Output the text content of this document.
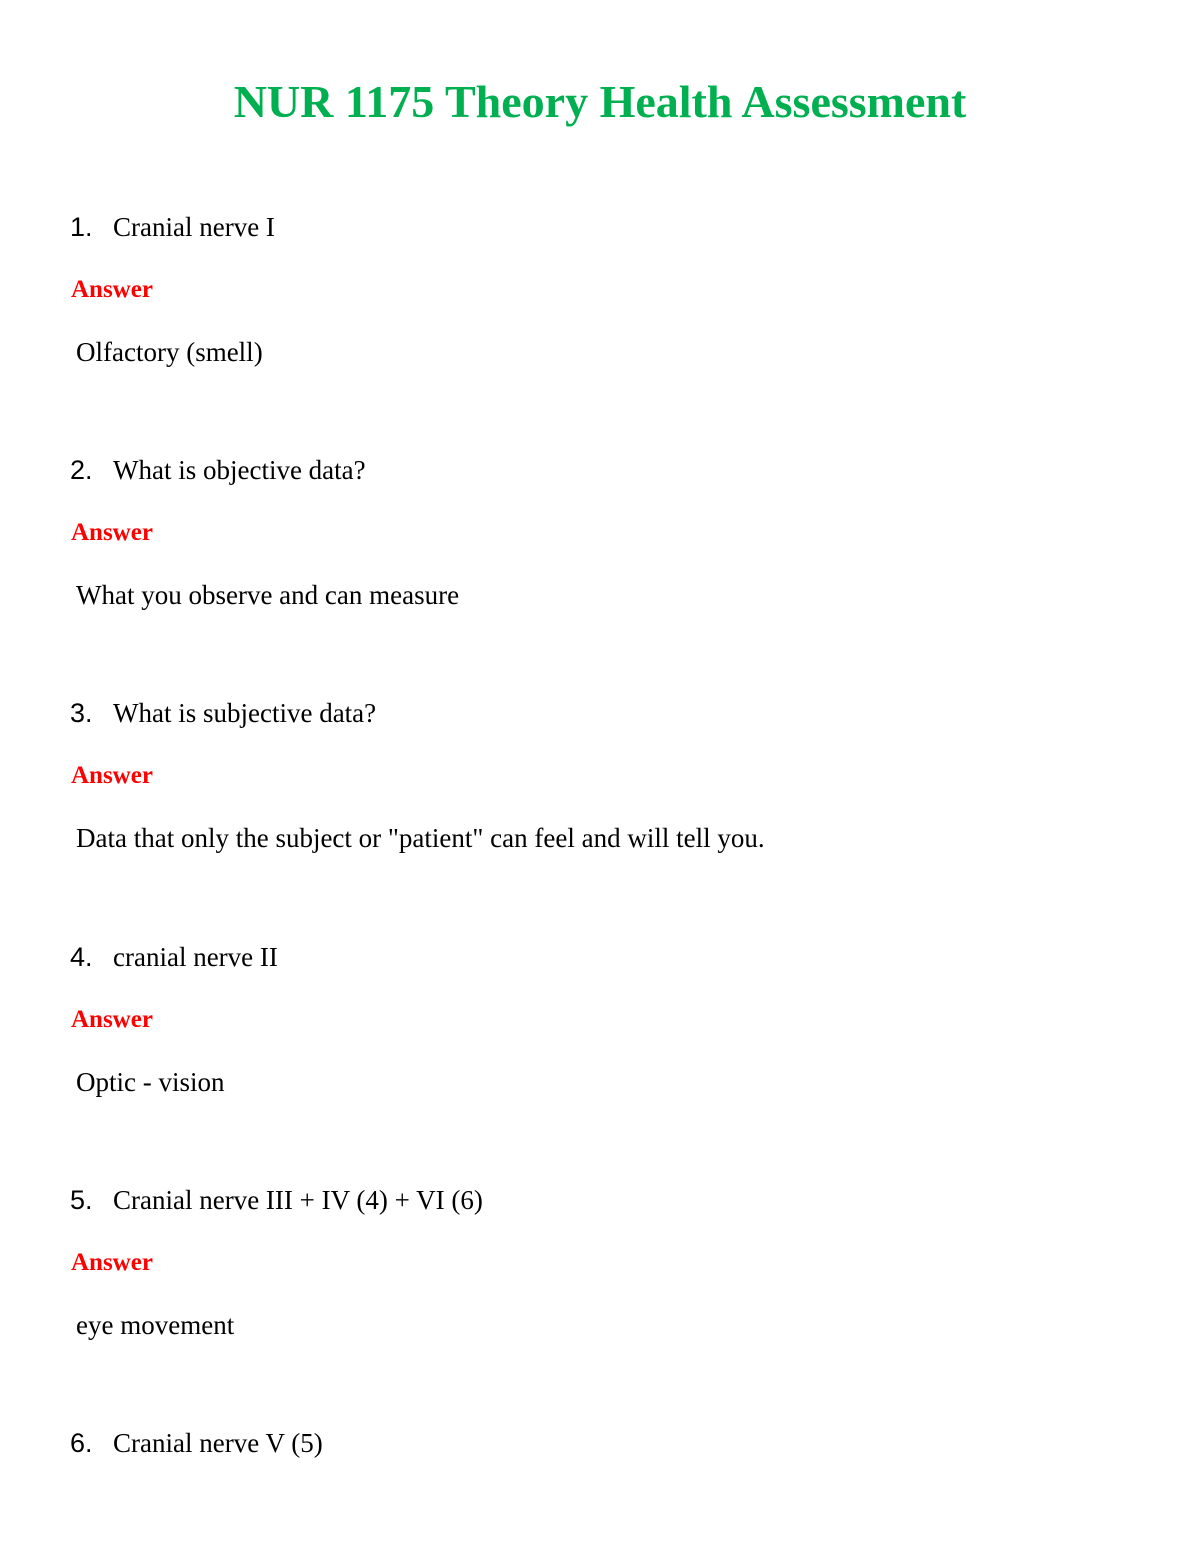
NUR 1175 Theory Health Assessment
1. Cranial nerve I
Answer
Olfactory (smell)
2. What is objective data?
Answer
What you observe and can measure
3. What is subjective data?
Answer
Data that only the subject or "patient" can feel and will tell you.
4. cranial nerve II
Answer
Optic - vision
5. Cranial nerve III + IV (4) + VI (6)
Answer
eye movement
6. Cranial nerve V (5)
